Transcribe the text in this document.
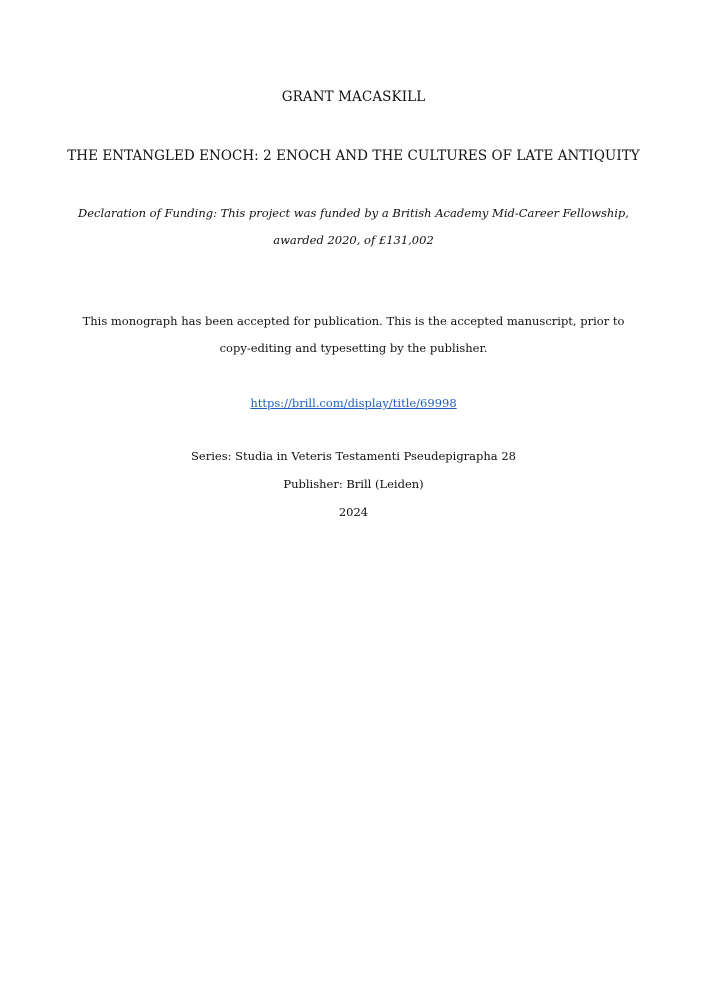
GRANT MACASKILL
THE ENTANGLED ENOCH: 2 ENOCH AND THE CULTURES OF LATE ANTIQUITY
Declaration of Funding: This project was funded by a British Academy Mid-Career Fellowship,
awarded 2020, of £131,002
This monograph has been accepted for publication. This is the accepted manuscript, prior to
copy-editing and typesetting by the publisher.
https://brill.com/display/title/69998
Series: Studia in Veteris Testamenti Pseudepigrapha 28
Publisher: Brill (Leiden)
2024
